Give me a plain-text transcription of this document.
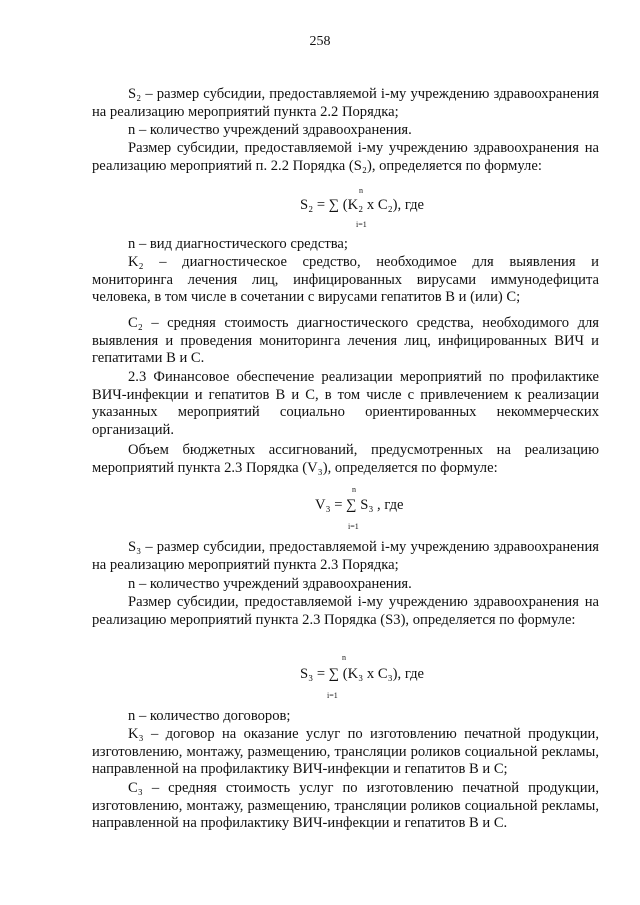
258

S₂ – размер субсидии, предоставляемой i-му учреждению здравоохранения на реализацию мероприятий пункта 2.2 Порядка;

n – количество учреждений здравоохранения.

Размер субсидии, предоставляемой i-му учреждению здравоохранения на реализацию мероприятий п. 2.2 Порядка (S₂), определяется по формуле:

n
S₂ = ∑ (K₂ x C₂), где
i=1
n – вид диагностического средства;

K₂ – диагностическое средство, необходимое для выявления и мониторинга лечения лиц, инфицированных вирусами иммунодефицита человека, в том числе в сочетании с вирусами гепатитов В и (или) С;

C₂ – средняя стоимость диагностического средства, необходимого для выявления и проведения мониторинга лечения лиц, инфицированных ВИЧ и гепатитами В и С.

2.3 Финансовое обеспечение реализации мероприятий по профилактике ВИЧ-инфекции и гепатитов В и С, в том числе с привлечением к реализации указанных мероприятий социально ориентированных некоммерческих организаций.

Объем бюджетных ассигнований, предусмотренных на реализацию мероприятий пункта 2.3 Порядка (V₃), определяется по формуле:

n
V₃ = ∑ S₃ , где
i=1

S₃ – размер субсидии, предоставляемой i-му учреждению здравоохранения на реализацию мероприятий пункта 2.3 Порядка;

n – количество учреждений здравоохранения.

Размер субсидии, предоставляемой i-му учреждению здравоохранения на реализацию мероприятий пункта 2.3 Порядка (S3), определяется по формуле:

n
S₃ = ∑ (K₃ x C₃), где
i=1
n – количество договоров;

K₃ – договор на оказание услуг по изготовлению печатной продукции, изготовлению, монтажу, размещению, трансляции роликов социальной рекламы, направленной на профилактику ВИЧ-инфекции и гепатитов В и С;

C₃ – средняя стоимость услуг по изготовлению печатной продукции, изготовлению, монтажу, размещению, трансляции роликов социальной рекламы, направленной на профилактику ВИЧ-инфекции и гепатитов В и С.
